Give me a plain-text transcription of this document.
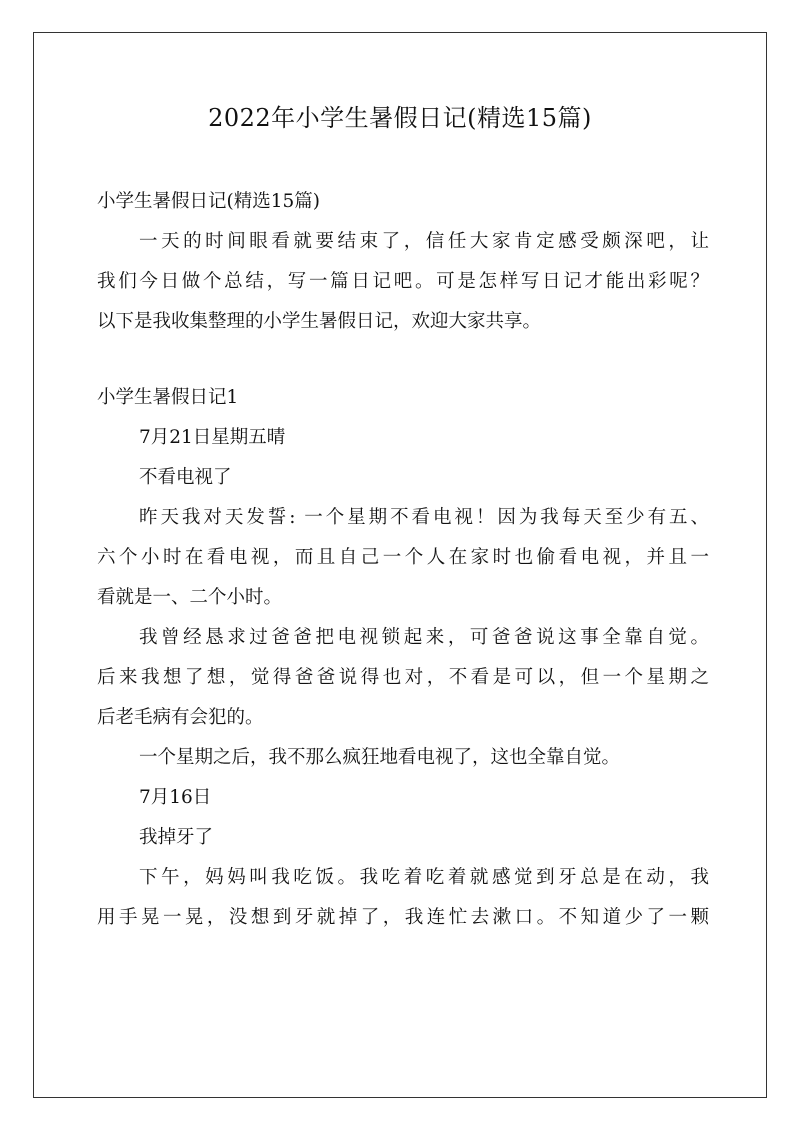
2022年小学生暑假日记(精选15篇)
小学生暑假日记(精选15篇)
一天的时间眼看就要结束了，信任大家肯定感受颇深吧，让
我们今日做个总结，写一篇日记吧。可是怎样写日记才能出彩呢？
以下是我收集整理的小学生暑假日记，欢迎大家共享。
小学生暑假日记1
7月21日星期五晴
不看电视了
昨天我对天发誓: 一个星期不看电视！因为我每天至少有五、
六个小时在看电视，而且自己一个人在家时也偷看电视，并且一
看就是一、二个小时。
我曾经恳求过爸爸把电视锁起来，可爸爸说这事全靠自觉。
后来我想了想，觉得爸爸说得也对，不看是可以，但一个星期之
后老毛病有会犯的。
一个星期之后，我不那么疯狂地看电视了，这也全靠自觉。
7月16日
我掉牙了
下午，妈妈叫我吃饭。我吃着吃着就感觉到牙总是在动，我
用手晃一晃，没想到牙就掉了，我连忙去漱口。不知道少了一颗
